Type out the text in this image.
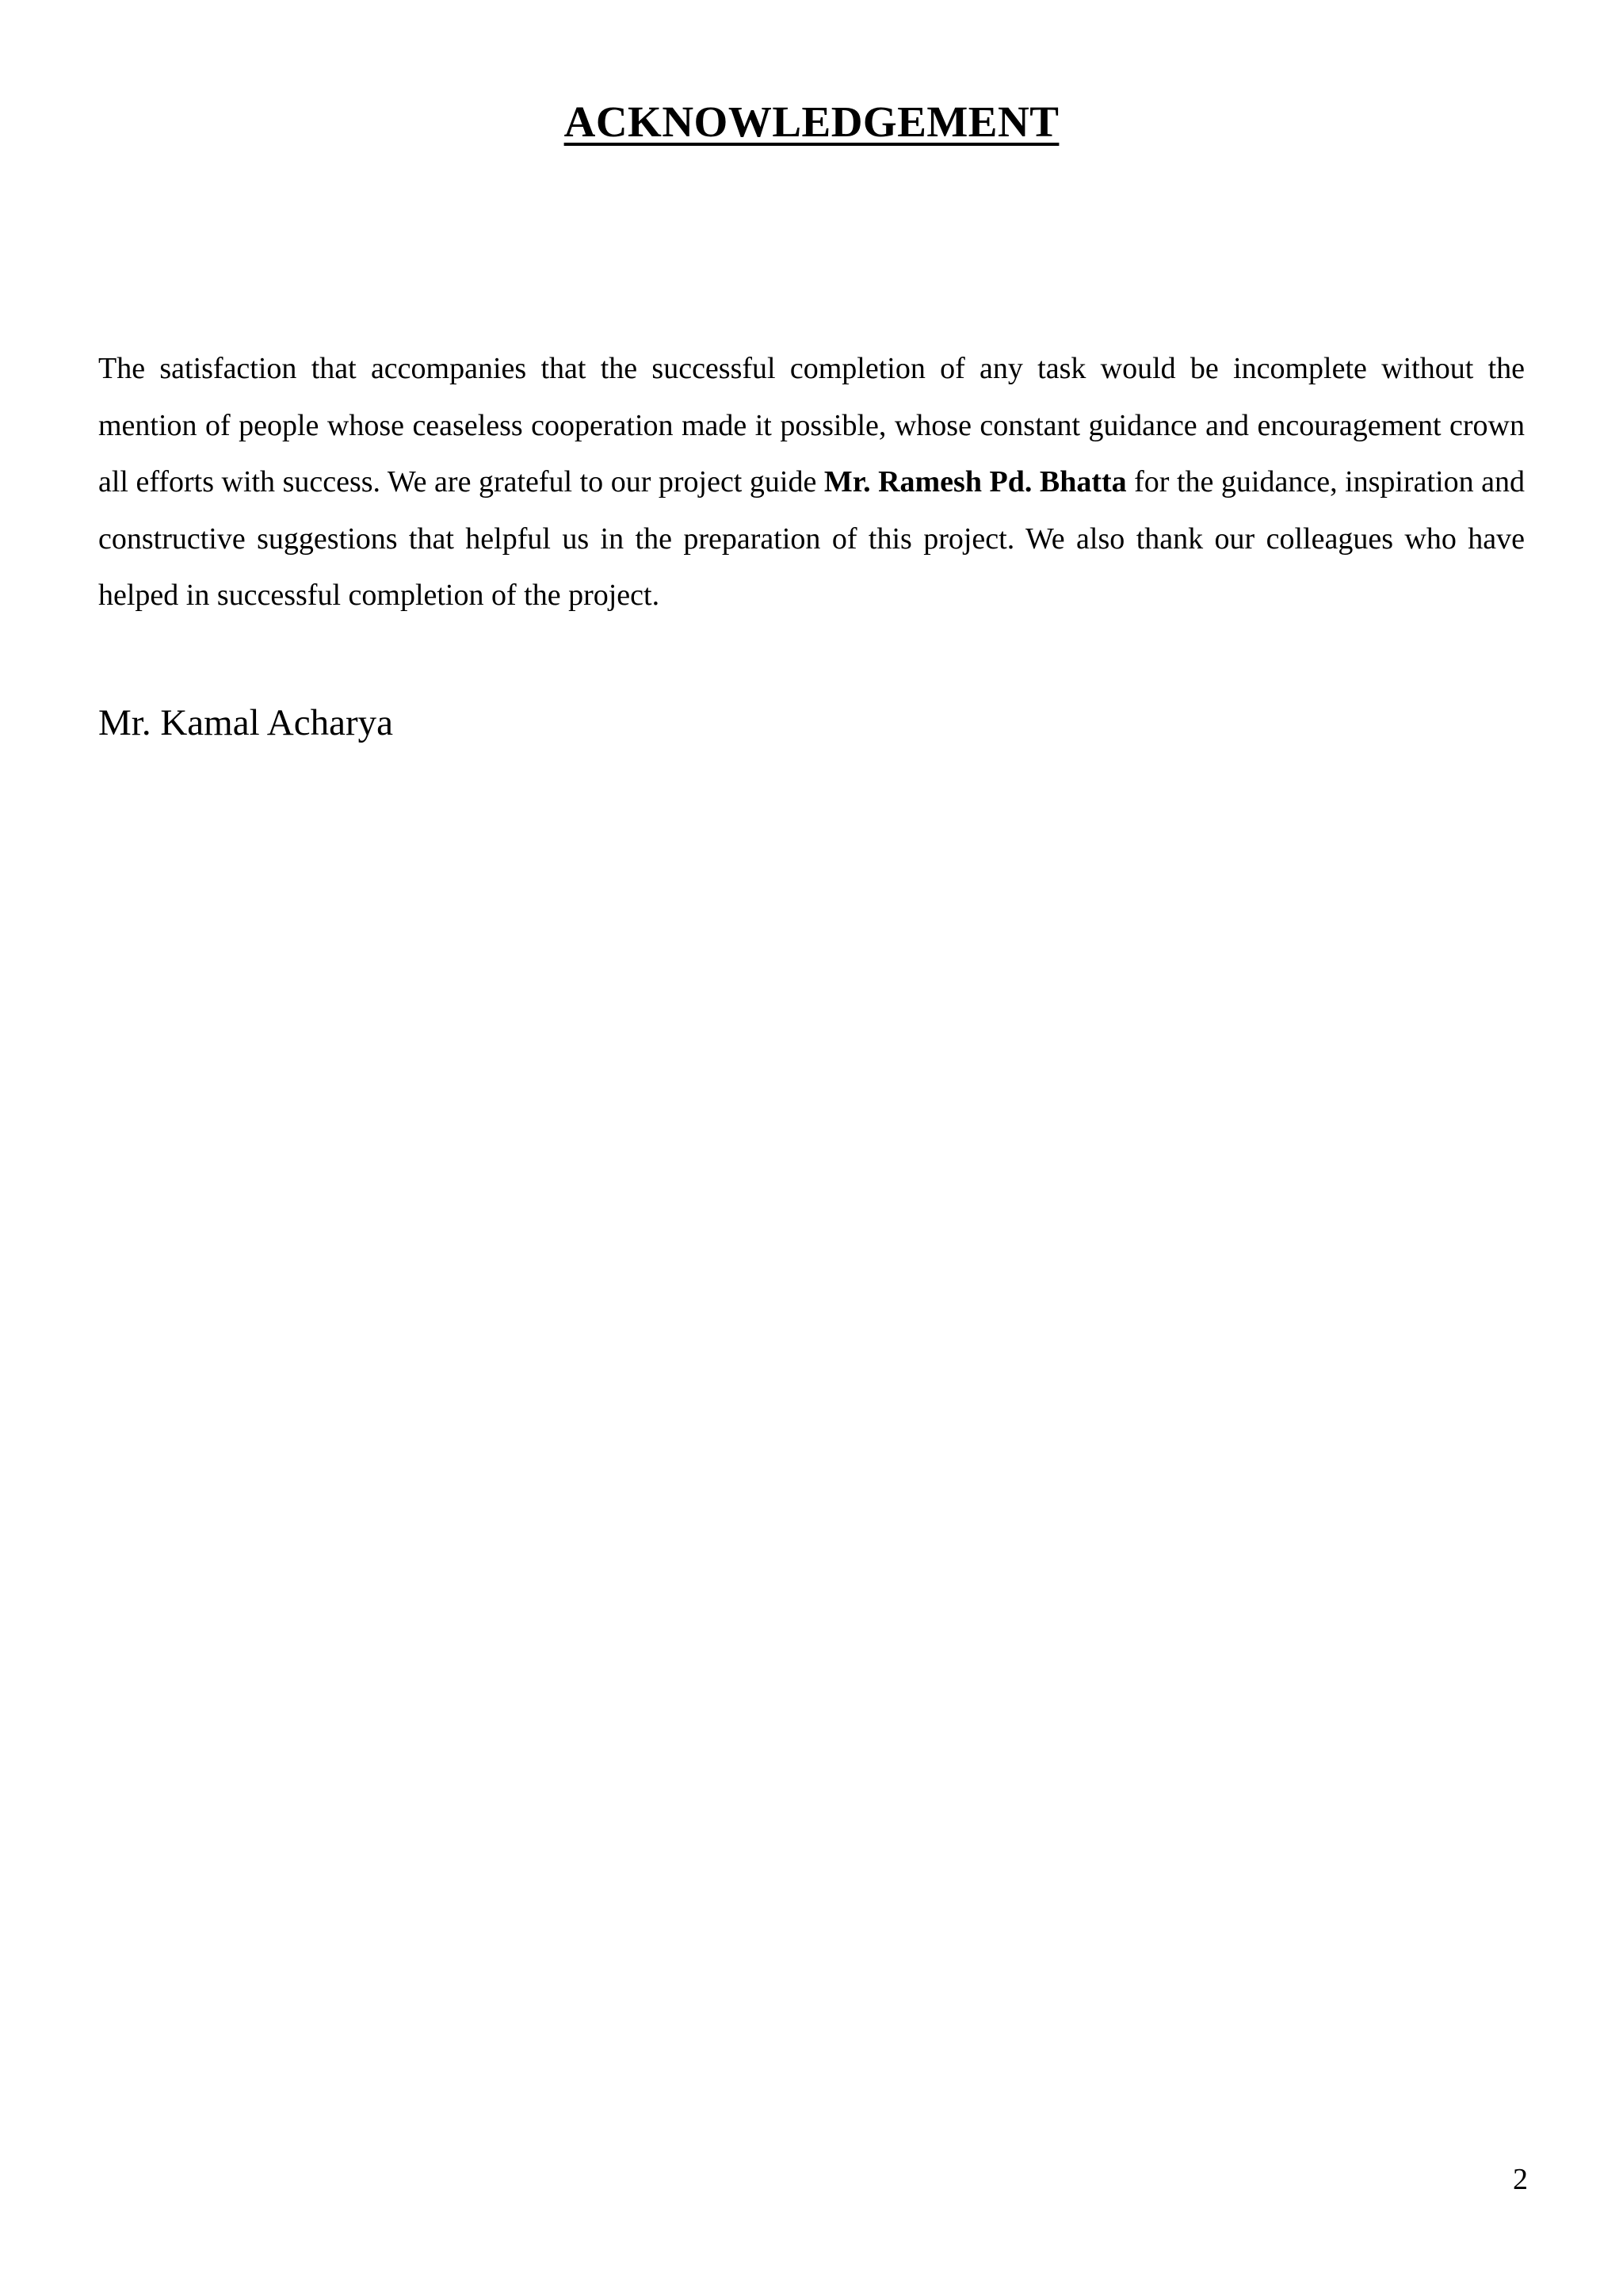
ACKNOWLEDGEMENT

The satisfaction that accompanies that the successful completion of any task would be incomplete without the mention of people whose ceaseless cooperation made it possible, whose constant guidance and encouragement crown all efforts with success. We are grateful to our project guide Mr. Ramesh Pd. Bhatta for the guidance, inspiration and constructive suggestions that helpful us in the preparation of this project. We also thank our colleagues who have helped in successful completion of the project.

Mr. Kamal Acharya

2
